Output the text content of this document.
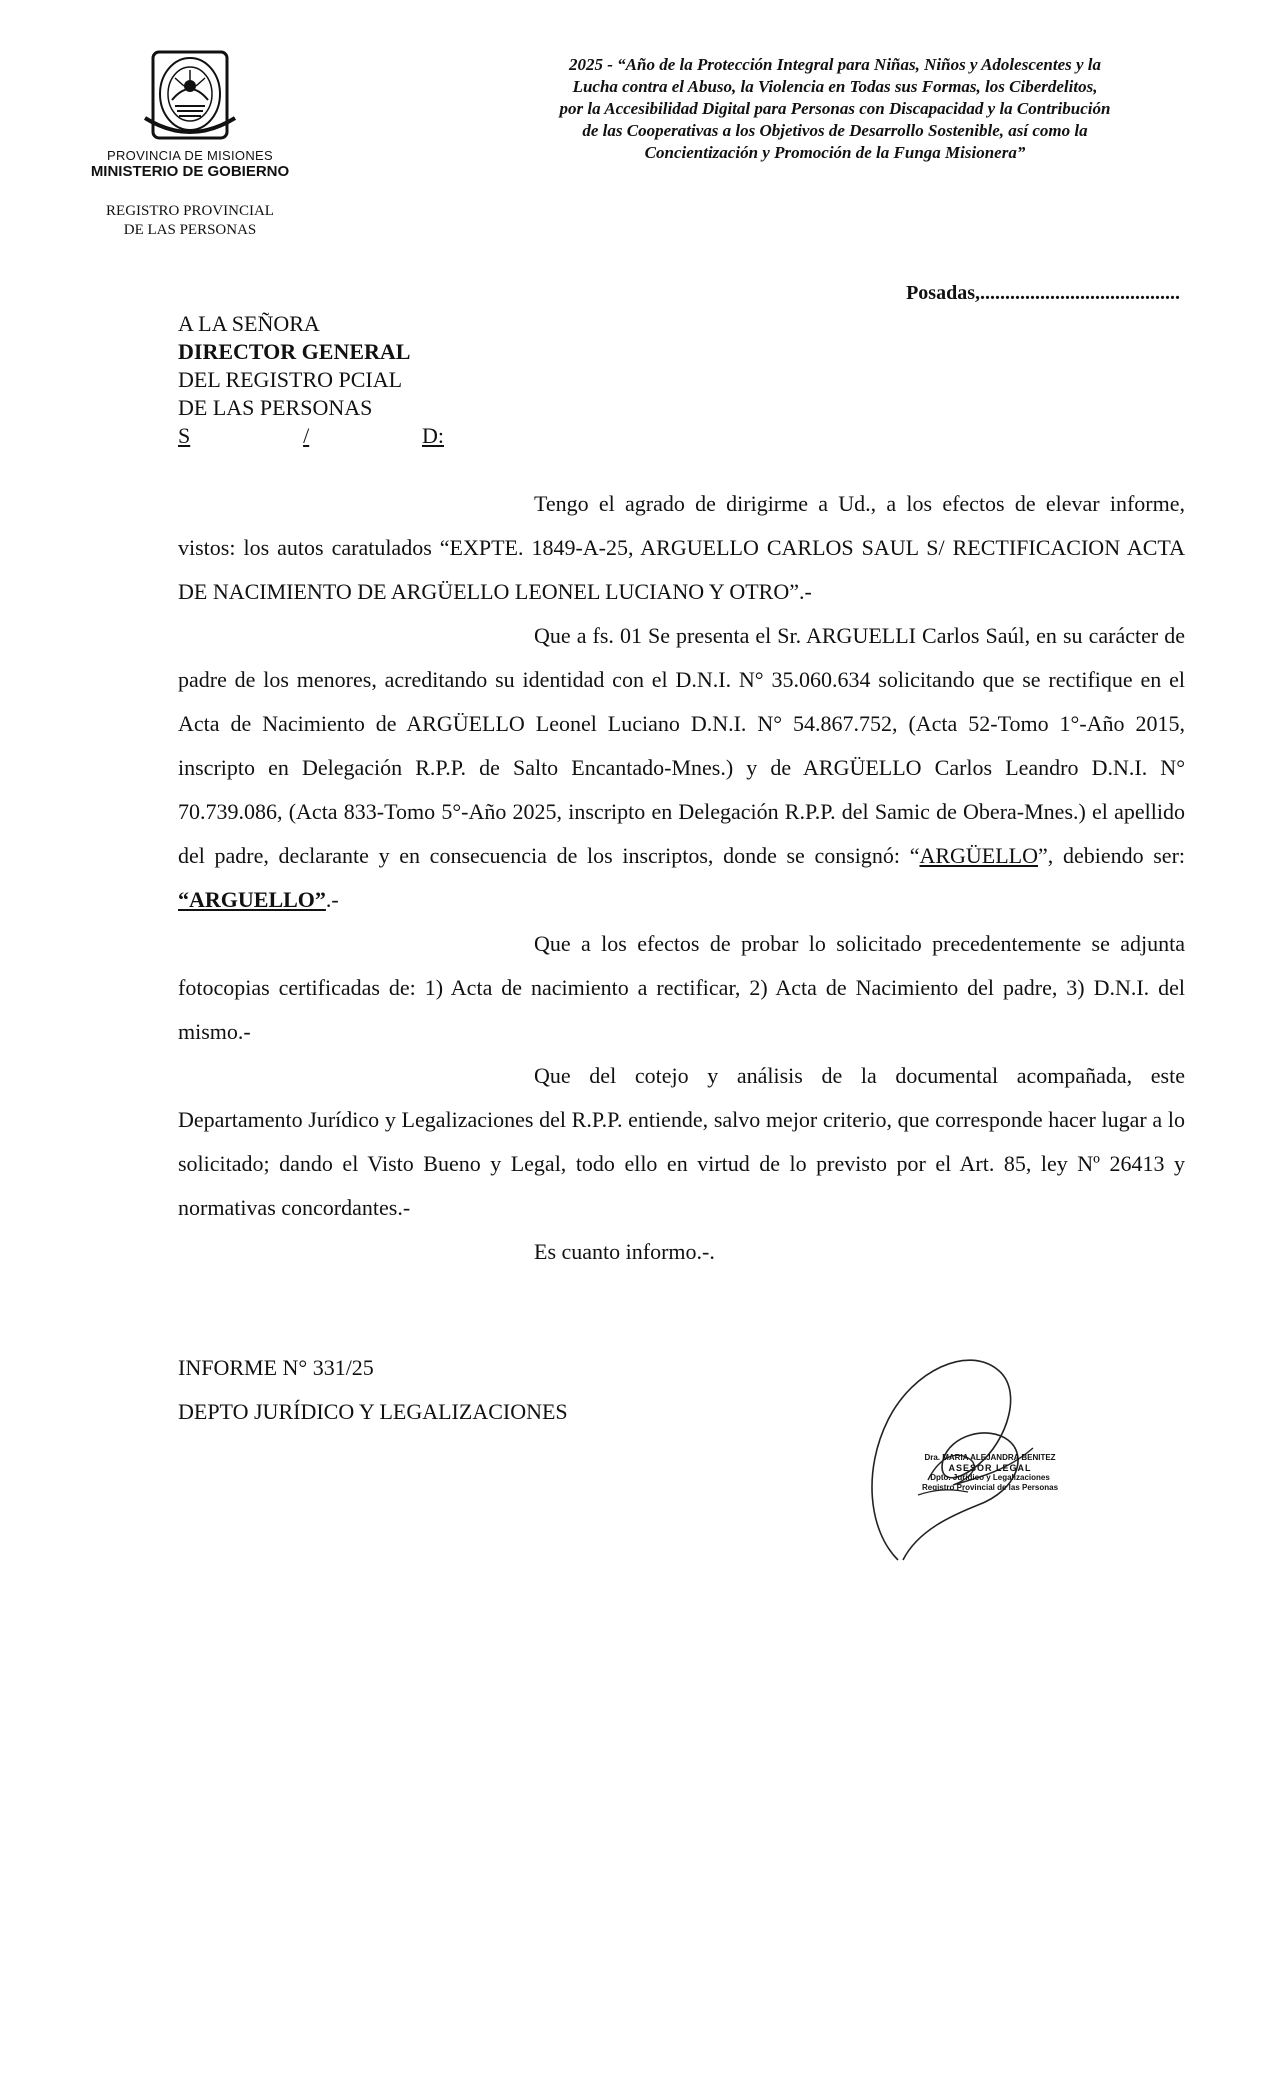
PROVINCIA DE MISIONES
MINISTERIO DE GOBIERNO
REGISTRO PROVINCIAL
DE LAS PERSONAS
2025 - “Año de la Protección Integral para Niñas, Niños y Adolescentes y la
Lucha contra el Abuso, la Violencia en Todas sus Formas, los Ciberdelitos,
por la Accesibilidad Digital para Personas con Discapacidad y la Contribución
de las Cooperativas a los Objetivos de Desarrollo Sostenible, así como la
Concientización y Promoción de la Funga Misionera”
Posadas,........................................
A LA SEÑORA
DIRECTOR GENERAL
DEL REGISTRO PCIAL
DE LAS PERSONAS
S	/	D:

Tengo el agrado de dirigirme a Ud., a los efectos de elevar informe, vistos: los autos caratulados “EXPTE. 1849-A-25, ARGUELLO CARLOS SAUL S/ RECTIFICACION ACTA DE NACIMIENTO DE ARGÜELLO LEONEL LUCIANO Y OTRO”.-

Que a fs. 01 Se presenta el Sr. ARGUELLI Carlos Saúl, en su carácter de padre de los menores, acreditando su identidad con el D.N.I. N° 35.060.634 solicitando que se rectifique en el Acta de Nacimiento de ARGÜELLO Leonel Luciano D.N.I. N° 54.867.752, (Acta 52-Tomo 1°-Año 2015, inscripto en Delegación R.P.P. de Salto Encantado-Mnes.) y de ARGÜELLO Carlos Leandro D.N.I. N° 70.739.086, (Acta 833-Tomo 5°-Año 2025, inscripto en Delegación R.P.P. del Samic de Obera-Mnes.) el apellido del padre, declarante y en consecuencia de los inscriptos, donde se consignó: “ARGÜELLO”, debiendo ser: “ARGUELLO”.-

Que a los efectos de probar lo solicitado precedentemente se adjunta fotocopias certificadas de: 1) Acta de nacimiento a rectificar, 2) Acta de Nacimiento del padre, 3) D.N.I. del mismo.-

Que del cotejo y análisis de la documental acompañada, este Departamento Jurídico y Legalizaciones del R.P.P. entiende, salvo mejor criterio, que corresponde hacer lugar a lo solicitado; dando el Visto Bueno y Legal, todo ello en virtud de lo previsto por el Art. 85, ley Nº 26413 y normativas concordantes.-

Es cuanto informo.-.
INFORME N° 331/25
DEPTO JURÍDICO Y LEGALIZACIONES
Dra. MARIA ALEJANDRA BENITEZ
ASESOR LEGAL
Dpto. Jurídico y Legalizaciones
Registro Provincial de las Personas
